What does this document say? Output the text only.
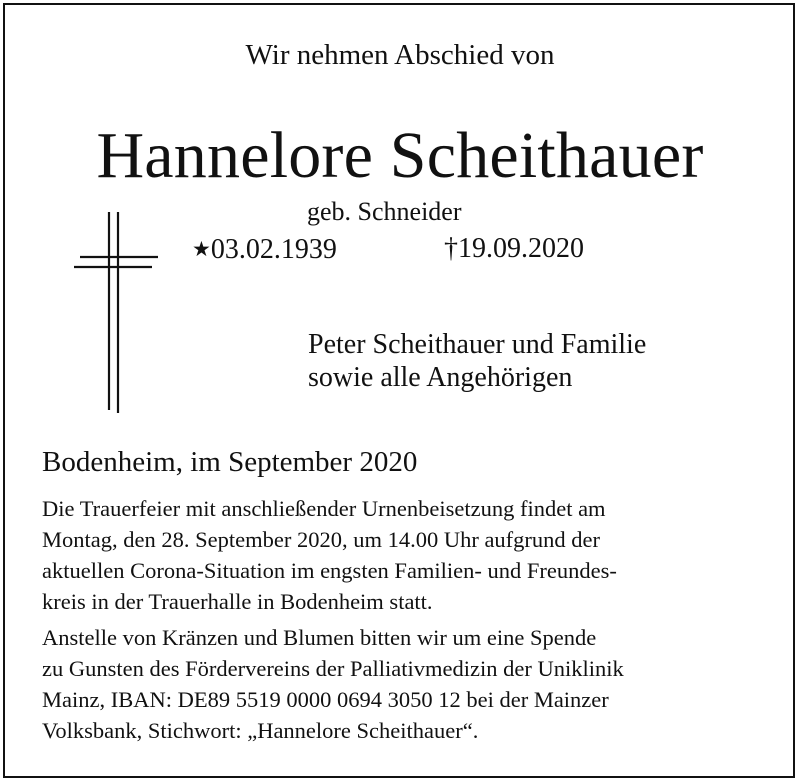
Wir nehmen Abschied von
Hannelore Scheithauer
geb. Schneider
★03.02.1939	†19.09.2020
Peter Scheithauer und Familie
sowie alle Angehörigen
Bodenheim, im September 2020
Die Trauerfeier mit anschließender Urnenbeisetzung findet am
Montag, den 28. September 2020, um 14.00 Uhr aufgrund der
aktuellen Corona-Situation im engsten Familien- und Freundes-
kreis in der Trauerhalle in Bodenheim statt.
Anstelle von Kränzen und Blumen bitten wir um eine Spende
zu Gunsten des Fördervereins der Palliativmedizin der Uniklinik
Mainz, IBAN: DE89 5519 0000 0694 3050 12 bei der Mainzer
Volksbank, Stichwort: „Hannelore Scheithauer“.
